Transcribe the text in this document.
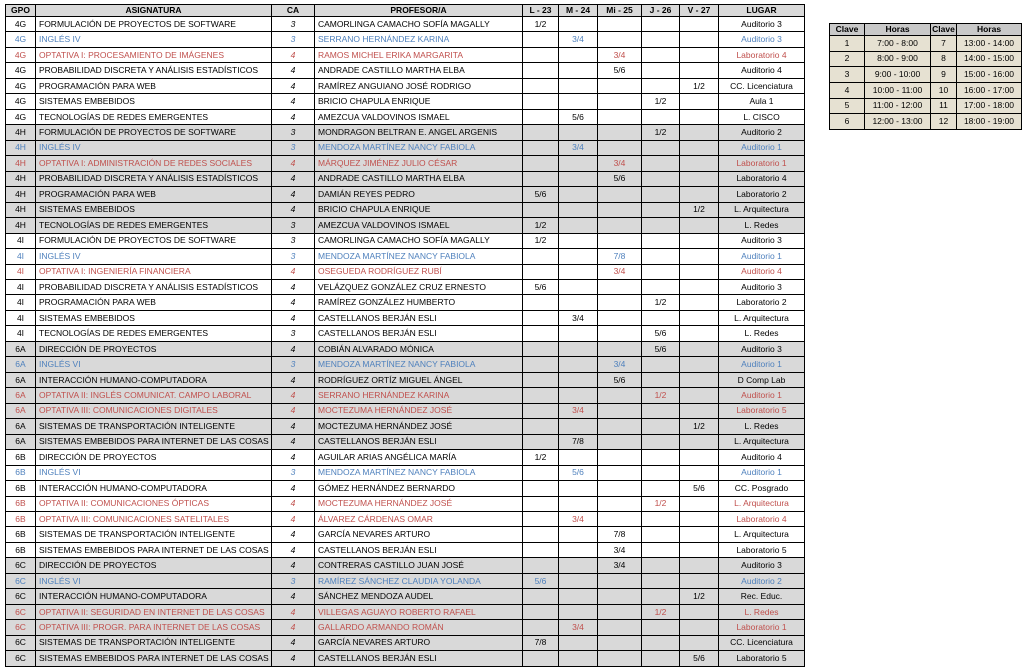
GPO	ASIGNATURA	CA	PROFESOR/A	L - 23	M - 24	Mi - 25	J - 26	V - 27	LUGAR
4G	FORMULACIÓN DE PROYECTOS DE SOFTWARE	3	CAMORLINGA CAMACHO SOFÍA MAGALLY	1/2					Auditorio 3
4G	INGLÉS IV	3	SERRANO HERNÁNDEZ KARINA		3/4				Auditorio 3
4G	OPTATIVA I: PROCESAMIENTO DE IMÁGENES	4	RAMOS MICHEL ERIKA MARGARITA			3/4			Laboratorio 4
4G	PROBABILIDAD DISCRETA Y ANÁLISIS ESTADÍSTICOS	4	ANDRADE CASTILLO MARTHA ELBA			5/6			Auditorio 4
4G	PROGRAMACIÓN PARA WEB	4	RAMÍREZ ANGUIANO JOSÉ RODRIGO					1/2	CC. Licenciatura
4G	SISTEMAS EMBEBIDOS	4	BRICIO CHAPULA ENRIQUE				1/2		Aula 1
4G	TECNOLOGÍAS DE REDES EMERGENTES	4	AMEZCUA VALDOVINOS ISMAEL		5/6				L. CISCO
4H	FORMULACIÓN DE PROYECTOS DE SOFTWARE	3	MONDRAGON BELTRAN E. ANGEL ARGENIS				1/2		Auditorio 2
4H	INGLÉS IV	3	MENDOZA MARTÍNEZ NANCY FABIOLA		3/4				Auditorio 1
4H	OPTATIVA I: ADMINISTRACIÓN DE REDES SOCIALES	4	MÁRQUEZ JIMÉNEZ JULIO CÉSAR			3/4			Laboratorio 1
4H	PROBABILIDAD DISCRETA Y ANÁLISIS ESTADÍSTICOS	4	ANDRADE CASTILLO MARTHA ELBA			5/6			Laboratorio 4
4H	PROGRAMACIÓN PARA WEB	4	DAMIÁN REYES PEDRO	5/6					Laboratorio 2
4H	SISTEMAS EMBEBIDOS	4	BRICIO CHAPULA ENRIQUE					1/2	L. Arquitectura
4H	TECNOLOGÍAS DE REDES EMERGENTES	3	AMEZCUA VALDOVINOS ISMAEL	1/2					L. Redes
4I	FORMULACIÓN DE PROYECTOS DE SOFTWARE	3	CAMORLINGA CAMACHO SOFÍA MAGALLY	1/2					Auditorio 3
4I	INGLÉS IV	3	MENDOZA MARTÍNEZ NANCY FABIOLA			7/8			Auditorio 1
4I	OPTATIVA I: INGENIERÍA FINANCIERA	4	OSEGUEDA RODRÍGUEZ RUBÍ			3/4			Auditorio 4
4I	PROBABILIDAD DISCRETA Y ANÁLISIS ESTADÍSTICOS	4	VELÁZQUEZ GONZÁLEZ CRUZ ERNESTO	5/6					Auditorio 3
4I	PROGRAMACIÓN PARA WEB	4	RAMÍREZ GONZÁLEZ HUMBERTO				1/2		Laboratorio 2
4I	SISTEMAS EMBEBIDOS	4	CASTELLANOS BERJÁN ESLI		3/4				L. Arquitectura
4I	TECNOLOGÍAS DE REDES EMERGENTES	3	CASTELLANOS BERJÁN ESLI				5/6		L. Redes
6A	DIRECCIÓN DE PROYECTOS	4	COBIÁN ALVARADO MÓNICA				5/6		Auditorio 3
6A	INGLÉS VI	3	MENDOZA MARTÍNEZ NANCY FABIOLA			3/4			Auditorio 1
6A	INTERACCIÓN HUMANO-COMPUTADORA	4	RODRÍGUEZ ORTÍZ MIGUEL ÁNGEL			5/6			D Comp Lab
6A	OPTATIVA II: INGLÉS COMUNICAT. CAMPO LABORAL	4	SERRANO HERNÁNDEZ KARINA				1/2		Auditorio 1
6A	OPTATIVA III: COMUNICACIONES DIGITALES	4	MOCTEZUMA HERNÁNDEZ JOSÉ		3/4				Laboratorio 5
6A	SISTEMAS DE TRANSPORTACIÓN INTELIGENTE	4	MOCTEZUMA HERNÁNDEZ JOSÉ					1/2	L. Redes
6A	SISTEMAS EMBEBIDOS PARA INTERNET DE LAS COSAS	4	CASTELLANOS BERJÁN ESLI		7/8				L. Arquitectura
6B	DIRECCIÓN DE PROYECTOS	4	AGUILAR ARIAS ANGÉLICA MARÍA	1/2					Auditorio 4
6B	INGLÉS VI	3	MENDOZA MARTÍNEZ NANCY FABIOLA		5/6				Auditorio 1
6B	INTERACCIÓN HUMANO-COMPUTADORA	4	GÓMEZ HERNÁNDEZ BERNARDO					5/6	CC. Posgrado
6B	OPTATIVA II: COMUNICACIONES ÓPTICAS	4	MOCTEZUMA HERNÁNDEZ JOSÉ				1/2		L. Arquitectura
6B	OPTATIVA III: COMUNICACIONES SATELITALES	4	ÁLVAREZ CÁRDENAS OMAR		3/4				Laboratorio 4
6B	SISTEMAS DE TRANSPORTACIÓN INTELIGENTE	4	GARCÍA NEVARES ARTURO			7/8			L. Arquitectura
6B	SISTEMAS EMBEBIDOS PARA INTERNET DE LAS COSAS	4	CASTELLANOS BERJÁN ESLI			3/4			Laboratorio 5
6C	DIRECCIÓN DE PROYECTOS	4	CONTRERAS CASTILLO JUAN JOSÉ			3/4			Auditorio 3
6C	INGLÉS VI	3	RAMÍREZ SÁNCHEZ CLAUDIA YOLANDA	5/6					Auditorio 2
6C	INTERACCIÓN HUMANO-COMPUTADORA	4	SÁNCHEZ MENDOZA AUDEL					1/2	Rec. Educ.
6C	OPTATIVA II: SEGURIDAD EN INTERNET DE LAS COSAS	4	VILLEGAS AGUAYO ROBERTO RAFAEL				1/2		L. Redes
6C	OPTATIVA III: PROGR. PARA INTERNET DE LAS COSAS	4	GALLARDO ARMANDO ROMÁN		3/4				Laboratorio 1
6C	SISTEMAS DE TRANSPORTACIÓN INTELIGENTE	4	GARCÍA NEVARES ARTURO	7/8					CC. Licenciatura
6C	SISTEMAS EMBEBIDOS PARA INTERNET DE LAS COSAS	4	CASTELLANOS BERJÁN ESLI					5/6	Laboratorio 5
Clave	Horas	Clave	Horas
1	7:00 - 8:00	7	13:00 - 14:00
2	8:00 - 9:00	8	14:00 - 15:00
3	9:00 - 10:00	9	15:00 - 16:00
4	10:00 - 11:00	10	16:00 - 17:00
5	11:00 - 12:00	11	17:00 - 18:00
6	12:00 - 13:00	12	18:00 - 19:00
